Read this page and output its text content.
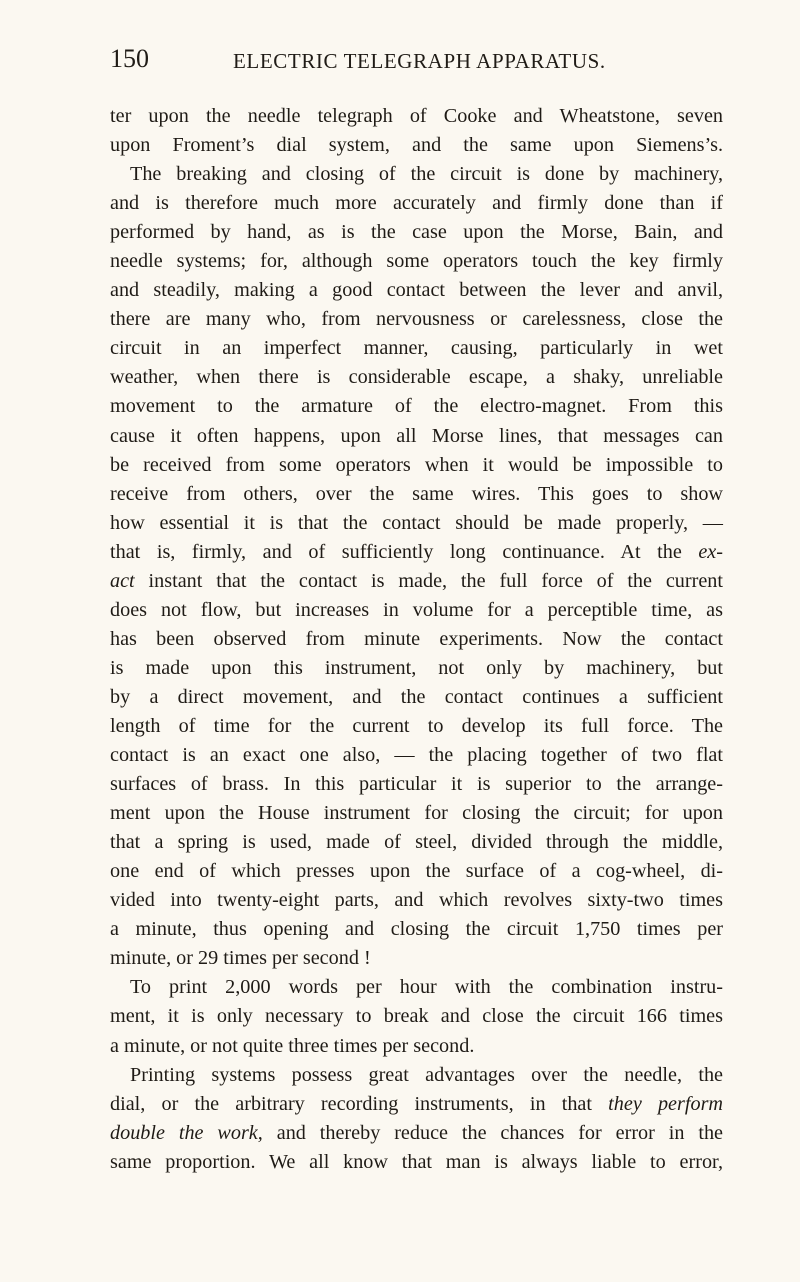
150	ELECTRIC TELEGRAPH APPARATUS.
ter upon the needle telegraph of Cooke and Wheatstone, seven
upon Froment’s dial system, and the same upon Siemens’s.
The breaking and closing of the circuit is done by machinery,
and is therefore much more accurately and firmly done than if
performed by hand, as is the case upon the Morse, Bain, and
needle systems; for, although some operators touch the key firmly
and steadily, making a good contact between the lever and anvil,
there are many who, from nervousness or carelessness, close the
circuit in an imperfect manner, causing, particularly in wet
weather, when there is considerable escape, a shaky, unreliable
movement to the armature of the electro-magnet. From this
cause it often happens, upon all Morse lines, that messages can
be received from some operators when it would be impossible to
receive from others, over the same wires. This goes to show
how essential it is that the contact should be made properly, —
that is, firmly, and of sufficiently long continuance. At the ex-
act instant that the contact is made, the full force of the current
does not flow, but increases in volume for a perceptible time, as
has been observed from minute experiments. Now the contact
is made upon this instrument, not only by machinery, but
by a direct movement, and the contact continues a sufficient
length of time for the current to develop its full force. The
contact is an exact one also, — the placing together of two flat
surfaces of brass. In this particular it is superior to the arrange-
ment upon the House instrument for closing the circuit; for upon
that a spring is used, made of steel, divided through the middle,
one end of which presses upon the surface of a cog-wheel, di-
vided into twenty-eight parts, and which revolves sixty-two times
a minute, thus opening and closing the circuit 1,750 times per
minute, or 29 times per second !
To print 2,000 words per hour with the combination instru-
ment, it is only necessary to break and close the circuit 166 times
a minute, or not quite three times per second.
Printing systems possess great advantages over the needle, the
dial, or the arbitrary recording instruments, in that they perform
double the work, and thereby reduce the chances for error in the
same proportion. We all know that man is always liable to error,
